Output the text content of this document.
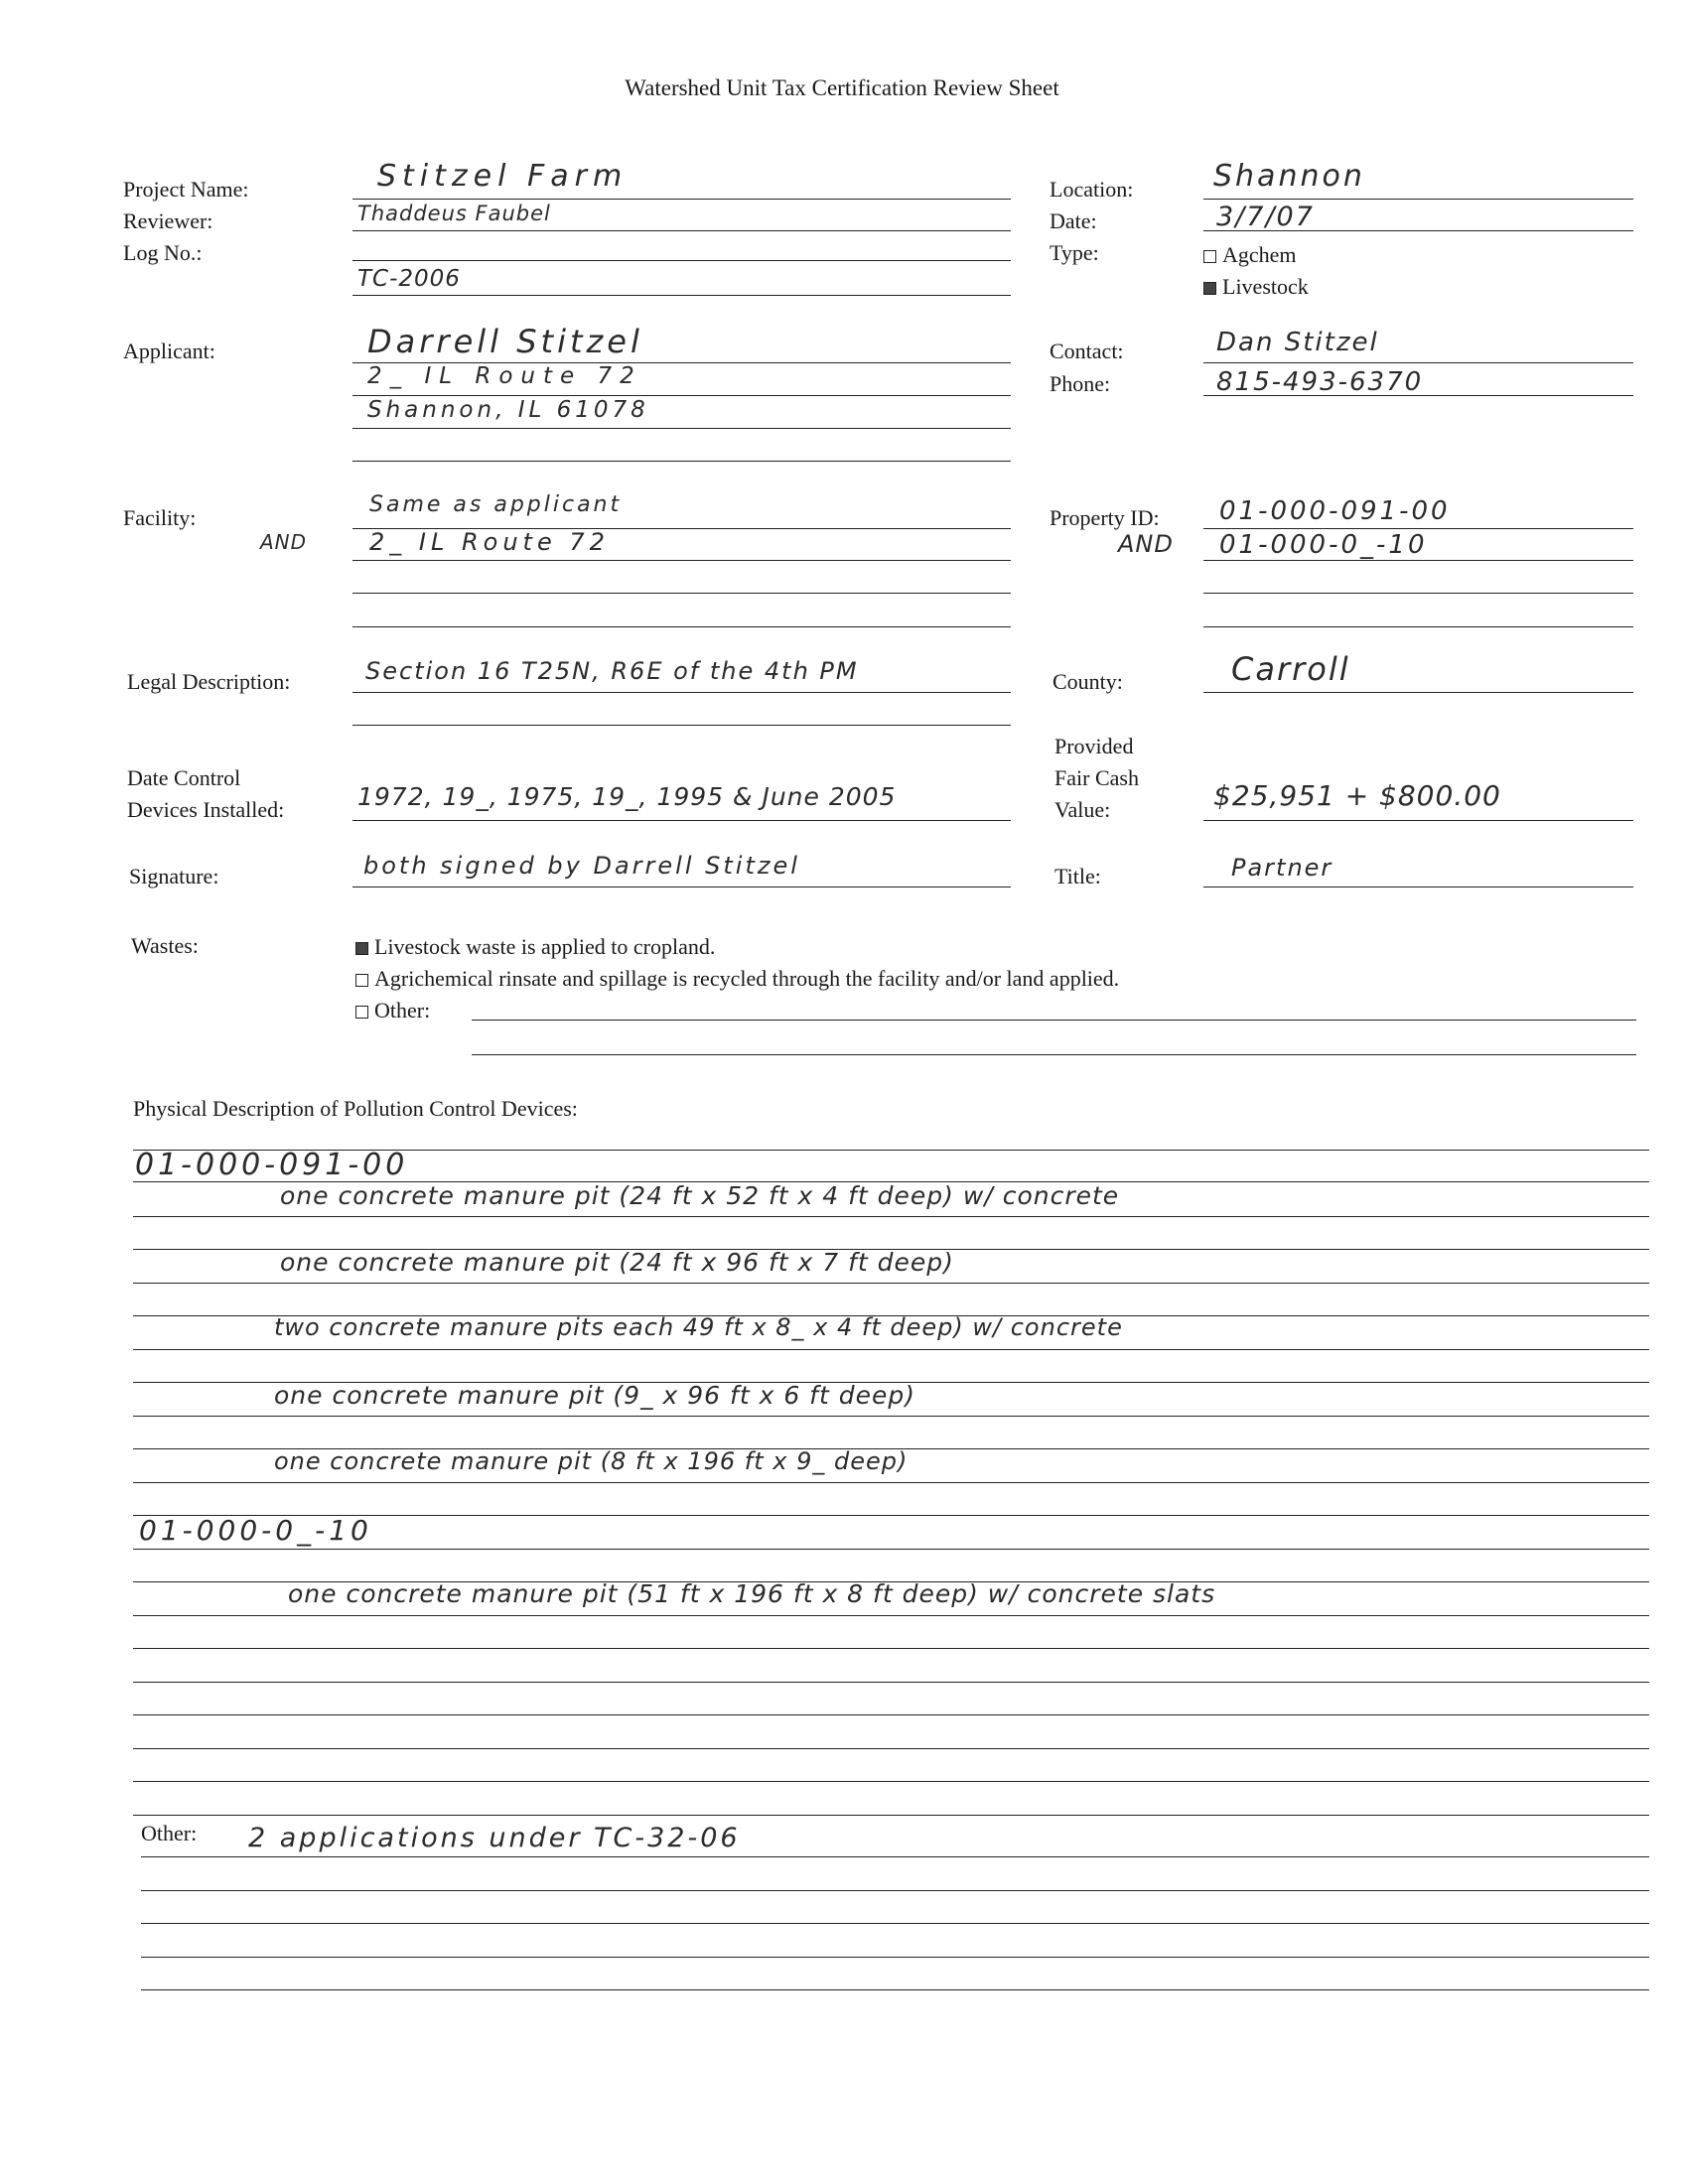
Watershed Unit Tax Certification Review Sheet
Project Name:
Reviewer:
Log No.:
Applicant:
Facility:
Legal Description:
Date Control
Devices Installed:
Signature:
Wastes:
Location:
Date:
Type:
Contact:
Phone:
Property ID:
County:
Provided
Fair Cash
Value:
Title:
Agchem
Livestock
Stitzel Farm
Thaddeus Faubel
TC-2006
Darrell Stitzel
2_ IL Route 72
Shannon, IL 61078
Same as applicant
AND	2_ IL Route 72
Section 16 T25N, R6E of the 4th PM
1972, 19_, 1975, 19_, 1995 & June 2005
both signed by Darrell Stitzel
Shannon
3/7/07
Dan Stitzel
815-493-6370
01-000-091-00
AND 01-000-0_-10
Carroll
$25,951 + $800.00
Partner
Livestock waste is applied to cropland.
Agrichemical rinsate and spillage is recycled through the facility and/or land applied.
Other:
Physical Description of Pollution Control Devices:
01-000-091-00
one concrete manure pit (24 ft x 52 ft x 4 ft deep) w/ concrete
one concrete manure pit (24 ft x 96 ft x 7 ft deep)
two concrete manure pits each 49 ft x 8_ x 4 ft deep) w/ concrete
one concrete manure pit (9_ x 96 ft x 6 ft deep)
one concrete manure pit (8 ft x 196 ft x 9_ deep)
01-000-0_-10
one concrete manure pit (51 ft x 196 ft x 8 ft deep) w/ concrete slats
Other: 2 applications under TC-32-06
